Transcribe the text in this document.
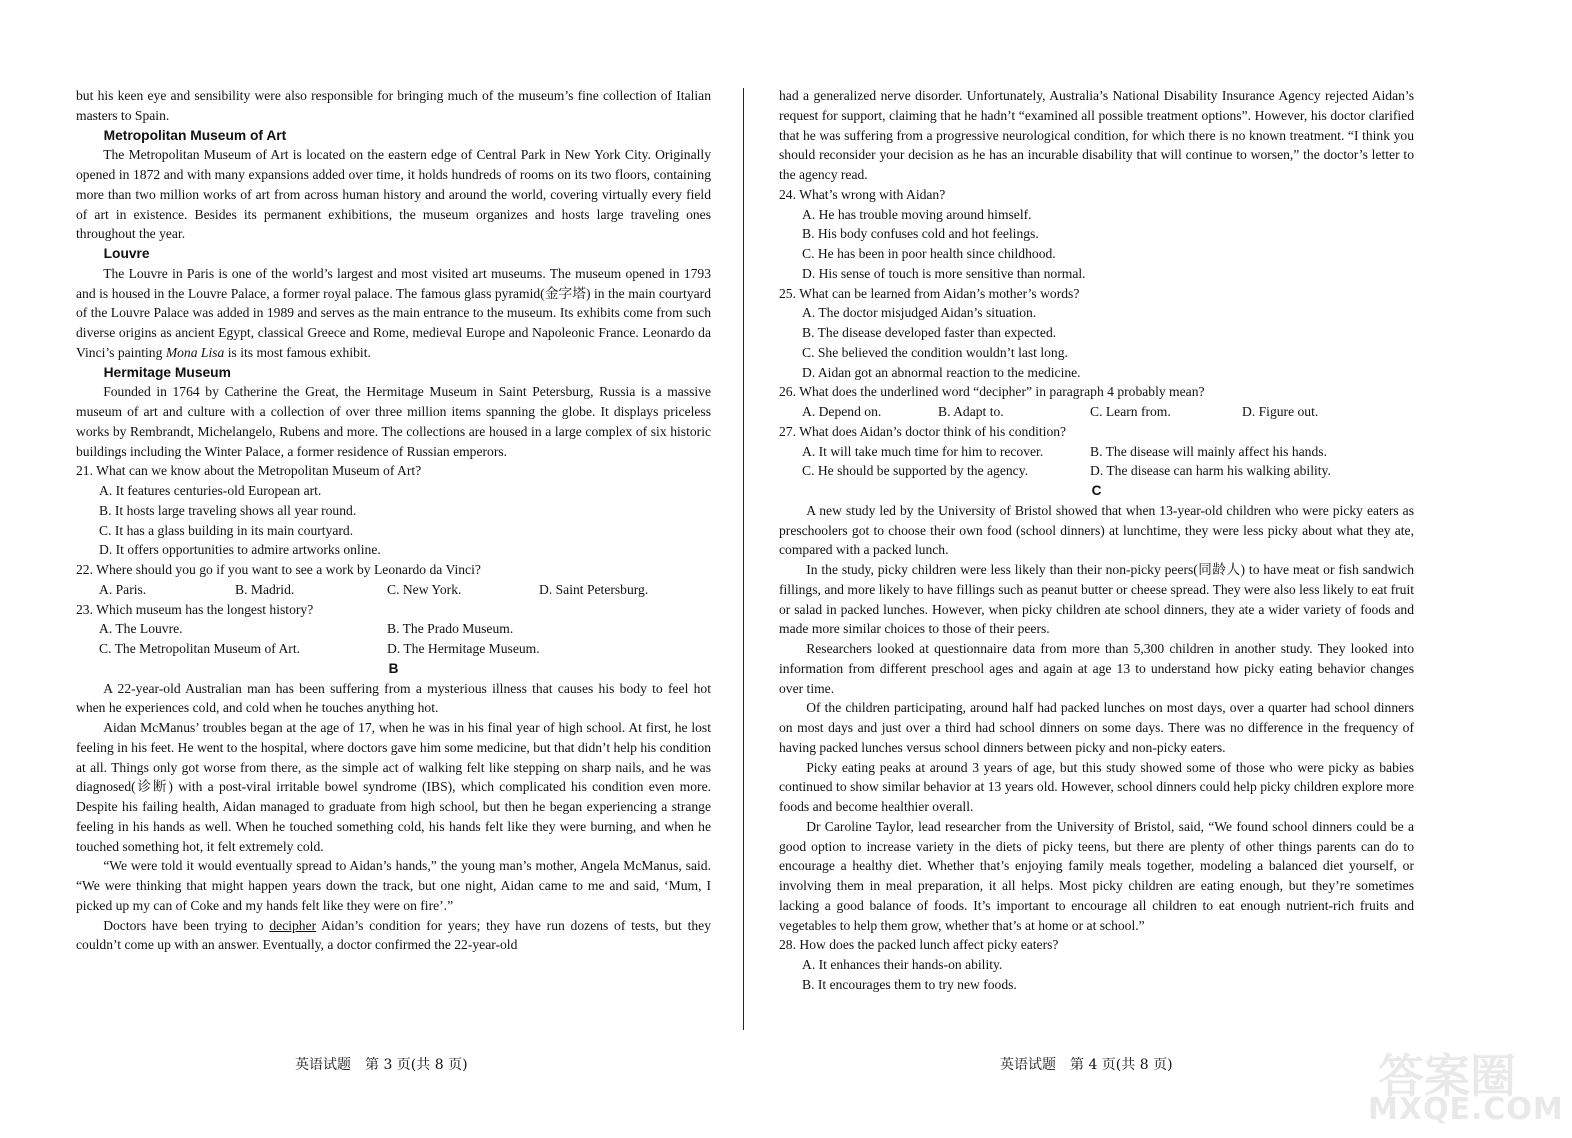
but his keen eye and sensibility were also responsible for bringing much of the museum’s fine collection of Italian masters to Spain.

Metropolitan Museum of Art

The Metropolitan Museum of Art is located on the eastern edge of Central Park in New York City. Originally opened in 1872 and with many expansions added over time, it holds hundreds of rooms on its two floors, containing more than two million works of art from across human history and around the world, covering virtually every field of art in existence. Besides its permanent exhibitions, the museum organizes and hosts large traveling ones throughout the year.

Louvre

The Louvre in Paris is one of the world’s largest and most visited art museums. The museum opened in 1793 and is housed in the Louvre Palace, a former royal palace. The famous glass pyramid(金字塔) in the main courtyard of the Louvre Palace was added in 1989 and serves as the main entrance to the museum. Its exhibits come from such diverse origins as ancient Egypt, classical Greece and Rome, medieval Europe and Napoleonic France. Leonardo da Vinci’s painting Mona Lisa is its most famous exhibit.

Hermitage Museum

Founded in 1764 by Catherine the Great, the Hermitage Museum in Saint Petersburg, Russia is a massive museum of art and culture with a collection of over three million items spanning the globe. It displays priceless works by Rembrandt, Michelangelo, Rubens and more. The collections are housed in a large complex of six historic buildings including the Winter Palace, a former residence of Russian emperors.

21. What can we know about the Metropolitan Museum of Art?

A. It features centuries-old European art.

B. It hosts large traveling shows all year round.

C. It has a glass building in its main courtyard.

D. It offers opportunities to admire artworks online.

22. Where should you go if you want to see a work by Leonardo da Vinci?

A. Paris.	B. Madrid.	C. New York.	D. Saint Petersburg.

23. Which museum has the longest history?

A. The Louvre.	B. The Prado Museum.
C. The Metropolitan Museum of Art.	D. The Hermitage Museum.

B

A 22-year-old Australian man has been suffering from a mysterious illness that causes his body to feel hot when he experiences cold, and cold when he touches anything hot.

Aidan McManus’ troubles began at the age of 17, when he was in his final year of high school. At first, he lost feeling in his feet. He went to the hospital, where doctors gave him some medicine, but that didn’t help his condition at all. Things only got worse from there, as the simple act of walking felt like stepping on sharp nails, and he was diagnosed(诊断) with a post-viral irritable bowel syndrome (IBS), which complicated his condition even more. Despite his failing health, Aidan managed to graduate from high school, but then he began experiencing a strange feeling in his hands as well. When he touched something cold, his hands felt like they were burning, and when he touched something hot, it felt extremely cold.

“We were told it would eventually spread to Aidan’s hands,” the young man’s mother, Angela McManus, said. “We were thinking that might happen years down the track, but one night, Aidan came to me and said, ‘Mum, I picked up my can of Coke and my hands felt like they were on fire’.”

Doctors have been trying to decipher Aidan’s condition for years; they have run dozens of tests, but they couldn’t come up with an answer. Eventually, a doctor confirmed the 22-year-old

had a generalized nerve disorder. Unfortunately, Australia’s National Disability Insurance Agency rejected Aidan’s request for support, claiming that he hadn’t “examined all possible treatment options”. However, his doctor clarified that he was suffering from a progressive neurological condition, for which there is no known treatment. “I think you should reconsider your decision as he has an incurable disability that will continue to worsen,” the doctor’s letter to the agency read.

24. What’s wrong with Aidan?

A. He has trouble moving around himself.

B. His body confuses cold and hot feelings.

C. He has been in poor health since childhood.

D. His sense of touch is more sensitive than normal.

25. What can be learned from Aidan’s mother’s words?

A. The doctor misjudged Aidan’s situation.

B. The disease developed faster than expected.

C. She believed the condition wouldn’t last long.

D. Aidan got an abnormal reaction to the medicine.

26. What does the underlined word “decipher” in paragraph 4 probably mean?

A. Depend on.	B. Adapt to.	C. Learn from.	D. Figure out.

27. What does Aidan’s doctor think of his condition?

A. It will take much time for him to recover.	B. The disease will mainly affect his hands.
C. He should be supported by the agency.	D. The disease can harm his walking ability.

C

A new study led by the University of Bristol showed that when 13-year-old children who were picky eaters as preschoolers got to choose their own food (school dinners) at lunchtime, they were less picky about what they ate, compared with a packed lunch.

In the study, picky children were less likely than their non-picky peers(同龄人) to have meat or fish sandwich fillings, and more likely to have fillings such as peanut butter or cheese spread. They were also less likely to eat fruit or salad in packed lunches. However, when picky children ate school dinners, they ate a wider variety of foods and made more similar choices to those of their peers.

Researchers looked at questionnaire data from more than 5,300 children in another study. They looked into information from different preschool ages and again at age 13 to understand how picky eating behavior changes over time.

Of the children participating, around half had packed lunches on most days, over a quarter had school dinners on most days and just over a third had school dinners on some days. There was no difference in the frequency of having packed lunches versus school dinners between picky and non-picky eaters.

Picky eating peaks at around 3 years of age, but this study showed some of those who were picky as babies continued to show similar behavior at 13 years old. However, school dinners could help picky children explore more foods and become healthier overall.

Dr Caroline Taylor, lead researcher from the University of Bristol, said, “We found school dinners could be a good option to increase variety in the diets of picky teens, but there are plenty of other things parents can do to encourage a healthy diet. Whether that’s enjoying family meals together, modeling a balanced diet yourself, or involving them in meal preparation, it all helps. Most picky children are eating enough, but they’re sometimes lacking a good balance of foods. It’s important to encourage all children to eat enough nutrient-rich fruits and vegetables to help them grow, whether that’s at home or at school.”

28. How does the packed lunch affect picky eaters?

A. It enhances their hands-on ability.

B. It encourages them to try new foods.

英语试题　第 3 页(共 8 页)	英语试题　第 4 页(共 8 页)	答案圈
MXQE.COM
